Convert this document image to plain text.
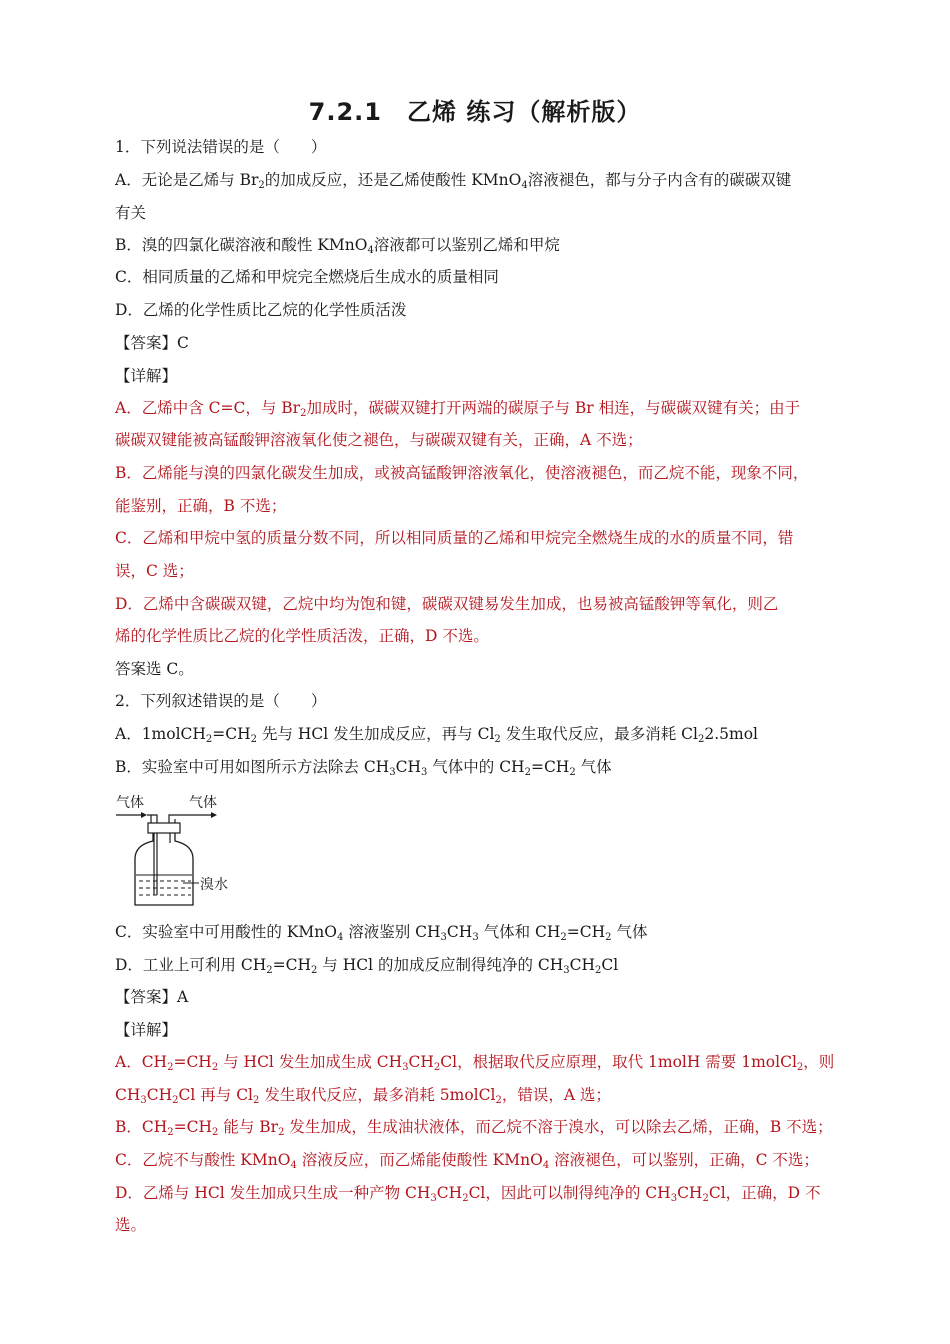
7.2.1　乙烯 练习（解析版）
1．下列说法错误的是（　　）
A．无论是乙烯与 $Br_2$的加成反应，还是乙烯使酸性 KMnO$_4$溶液褪色，都与分子内含有的碳碳双键
有关
B．溴的四氯化碳溶液和酸性 KMnO$_4$溶液都可以鉴别乙烯和甲烷
C．相同质量的乙烯和甲烷完全燃烧后生成水的质量相同
D．乙烯的化学性质比乙烷的化学性质活泼
【答案】C
【详解】
A．乙烯中含 C=C，与 $Br_2$加成时，碳碳双键打开两端的碳原子与 Br 相连，与碳碳双键有关；由于
碳碳双键能被高锰酸钾溶液氧化使之褪色，与碳碳双键有关，正确，A 不选；
B．乙烯能与溴的四氯化碳发生加成，或被高锰酸钾溶液氧化，使溶液褪色，而乙烷不能，现象不同，
能鉴别，正确，B 不选；
C．乙烯和甲烷中氢的质量分数不同，所以相同质量的乙烯和甲烷完全燃烧生成的水的质量不同，错
误，C 选；
D．乙烯中含碳碳双键，乙烷中均为饱和键，碳碳双键易发生加成，也易被高锰酸钾等氧化，则乙
烯的化学性质比乙烷的化学性质活泼，正确，D 不选。
答案选 C。
2．下列叙述错误的是（　　）
A．$1molCH_2=CH_2$ 先与 HCl 发生加成反应，再与 $Cl_2$ 发生取代反应，最多消耗 $Cl_22.5mol$
B．实验室中可用如图所示方法除去 $CH_3CH_3$ 气体中的 $CH_2=CH_2$ 气体
气体	气体
溴水
C．实验室中可用酸性的 KMnO$_4$ 溶液鉴别 $CH_3CH_3$ 气体和 $CH_2=CH_2$ 气体
D．工业上可利用 $CH_2=CH_2$ 与 HCl 的加成反应制得纯净的 $CH_3CH_2Cl$
【答案】A
【详解】
A．$CH_2=CH_2$ 与 HCl 发生加成生成 $CH_3CH_2Cl$，根据取代反应原理，取代 1molH 需要 1molCl$_2$，则
$CH_3CH_2Cl$ 再与 $Cl_2$ 发生取代反应，最多消耗 5molCl$_2$，错误，A 选；
B．$CH_2=CH_2$ 能与 $Br_2$ 发生加成，生成油状液体，而乙烷不溶于溴水，可以除去乙烯，正确，B 不选；
C．乙烷不与酸性 KMnO$_4$ 溶液反应，而乙烯能使酸性 KMnO$_4$ 溶液褪色，可以鉴别，正确，C 不选；
D．乙烯与 HCl 发生加成只生成一种产物 $CH_3CH_2Cl$，因此可以制得纯净的 $CH_3CH_2Cl$，正确，D 不
选。
